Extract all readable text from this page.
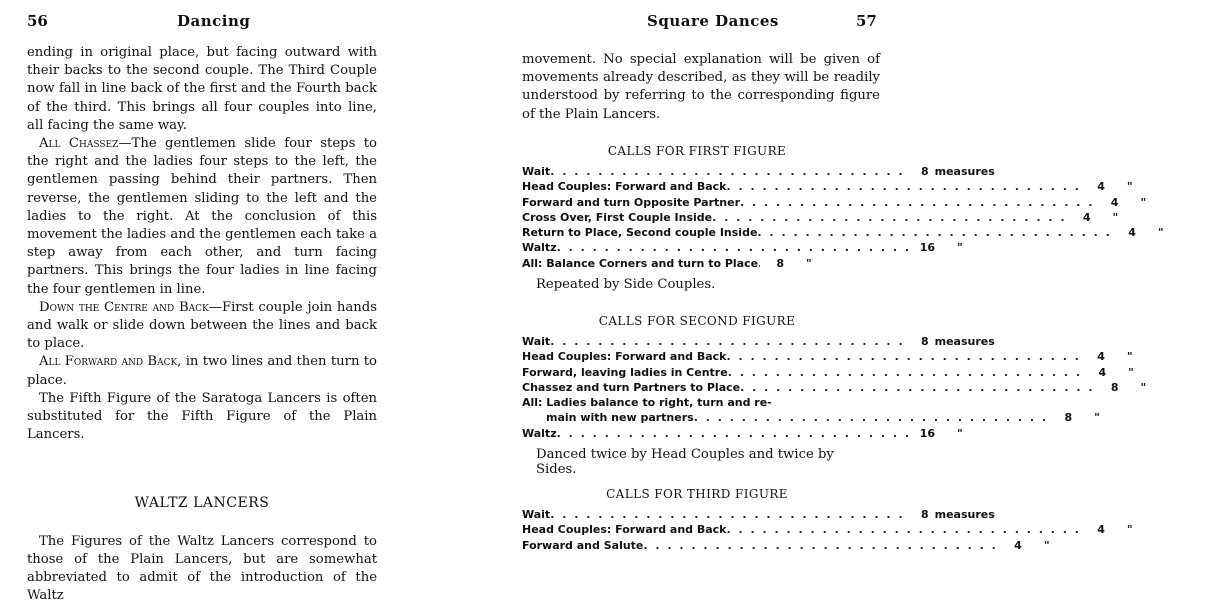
56	Dancing

ending in original place, but facing outward with their backs to the second couple. The Third Couple now fall in line back of the first and the Fourth back of the third. This brings all four couples into line, all facing the same way.

All Chassez—The gentlemen slide four steps to the right and the ladies four steps to the left, the gentlemen passing behind their partners. Then reverse, the gentlemen sliding to the left and the ladies to the right. At the conclusion of this movement the ladies and the gentlemen each take a step away from each other, and turn facing partners. This brings the four ladies in line facing the four gentlemen in line.

Down the Centre and Back—First couple join hands and walk or slide down between the lines and back to place.

All Forward and Back, in two lines and then turn to place.

The Fifth Figure of the Saratoga Lancers is often substituted for the Fifth Figure of the Plain Lancers.

WALTZ LANCERS

The Figures of the Waltz Lancers correspond to those of the Plain Lancers, but are somewhat abbreviated to admit of the introduction of the Waltz

Square Dances	57

movement. No special explanation will be given of movements already described, as they will be readily understood by referring to the corresponding figure of the Plain Lancers.

CALLS FOR FIRST FIGURE
Wait . . . . . . . . . . . . . . . . . . . . . . . . . . . . . .	8 measures
Head Couples: Forward and Back . . . . . . . . . . . . . . . . . . . . . . . . . . . . . .	4	"
Forward and turn Opposite Partner . . . . . . . . . . . . . . . . . . . . . . . . . . . . . .	4	"
Cross Over, First Couple Inside . . . . . . . . . . . . . . . . . . . . . . . . . . . . . .	4	"
Return to Place, Second couple Inside . . . . . . . . . . . . . . . . . . . . . . . . . . . . . .	4	"
Waltz . . . . . . . . . . . . . . . . . . . . . . . . . . . . . . 16	"
All: Balance Corners and turn to Place	8	"
Repeated by Side Couples.
CALLS FOR SECOND FIGURE
Wait . . . . . . . . . . . . . . . . . . . . . . . . . . . . . .	8 measures
Head Couples: Forward and Back . . . . . . . . . . . . . . . . . . . . . . . . . . . . . .	4	"
Forward, leaving ladies in Centre . . . . . . . . . . . . . . . . . . . . . . . . . . . . . .	4	"
Chassez and turn Partners to Place . . . . . . . . . . . . . . . . . . . . . . . . . . . . . .	8	"
All: Ladies balance to right, turn and re-
main with new partners . . . . . . . . . . . . . . . . . . . . . . . . . . . . . .	8	"
Waltz . . . . . . . . . . . . . . . . . . . . . . . . . . . . . . 16	"
Danced twice by Head Couples and twice by Sides.
CALLS FOR THIRD FIGURE
Wait . . . . . . . . . . . . . . . . . . . . . . . . . . . . . .	8 measures
Head Couples: Forward and Back . . . . . . . . . . . . . . . . . . . . . . . . . . . . . .	4	"
Forward and Salute . . . . . . . . . . . . . . . . . . . . . . . . . . . . . .	4	"
